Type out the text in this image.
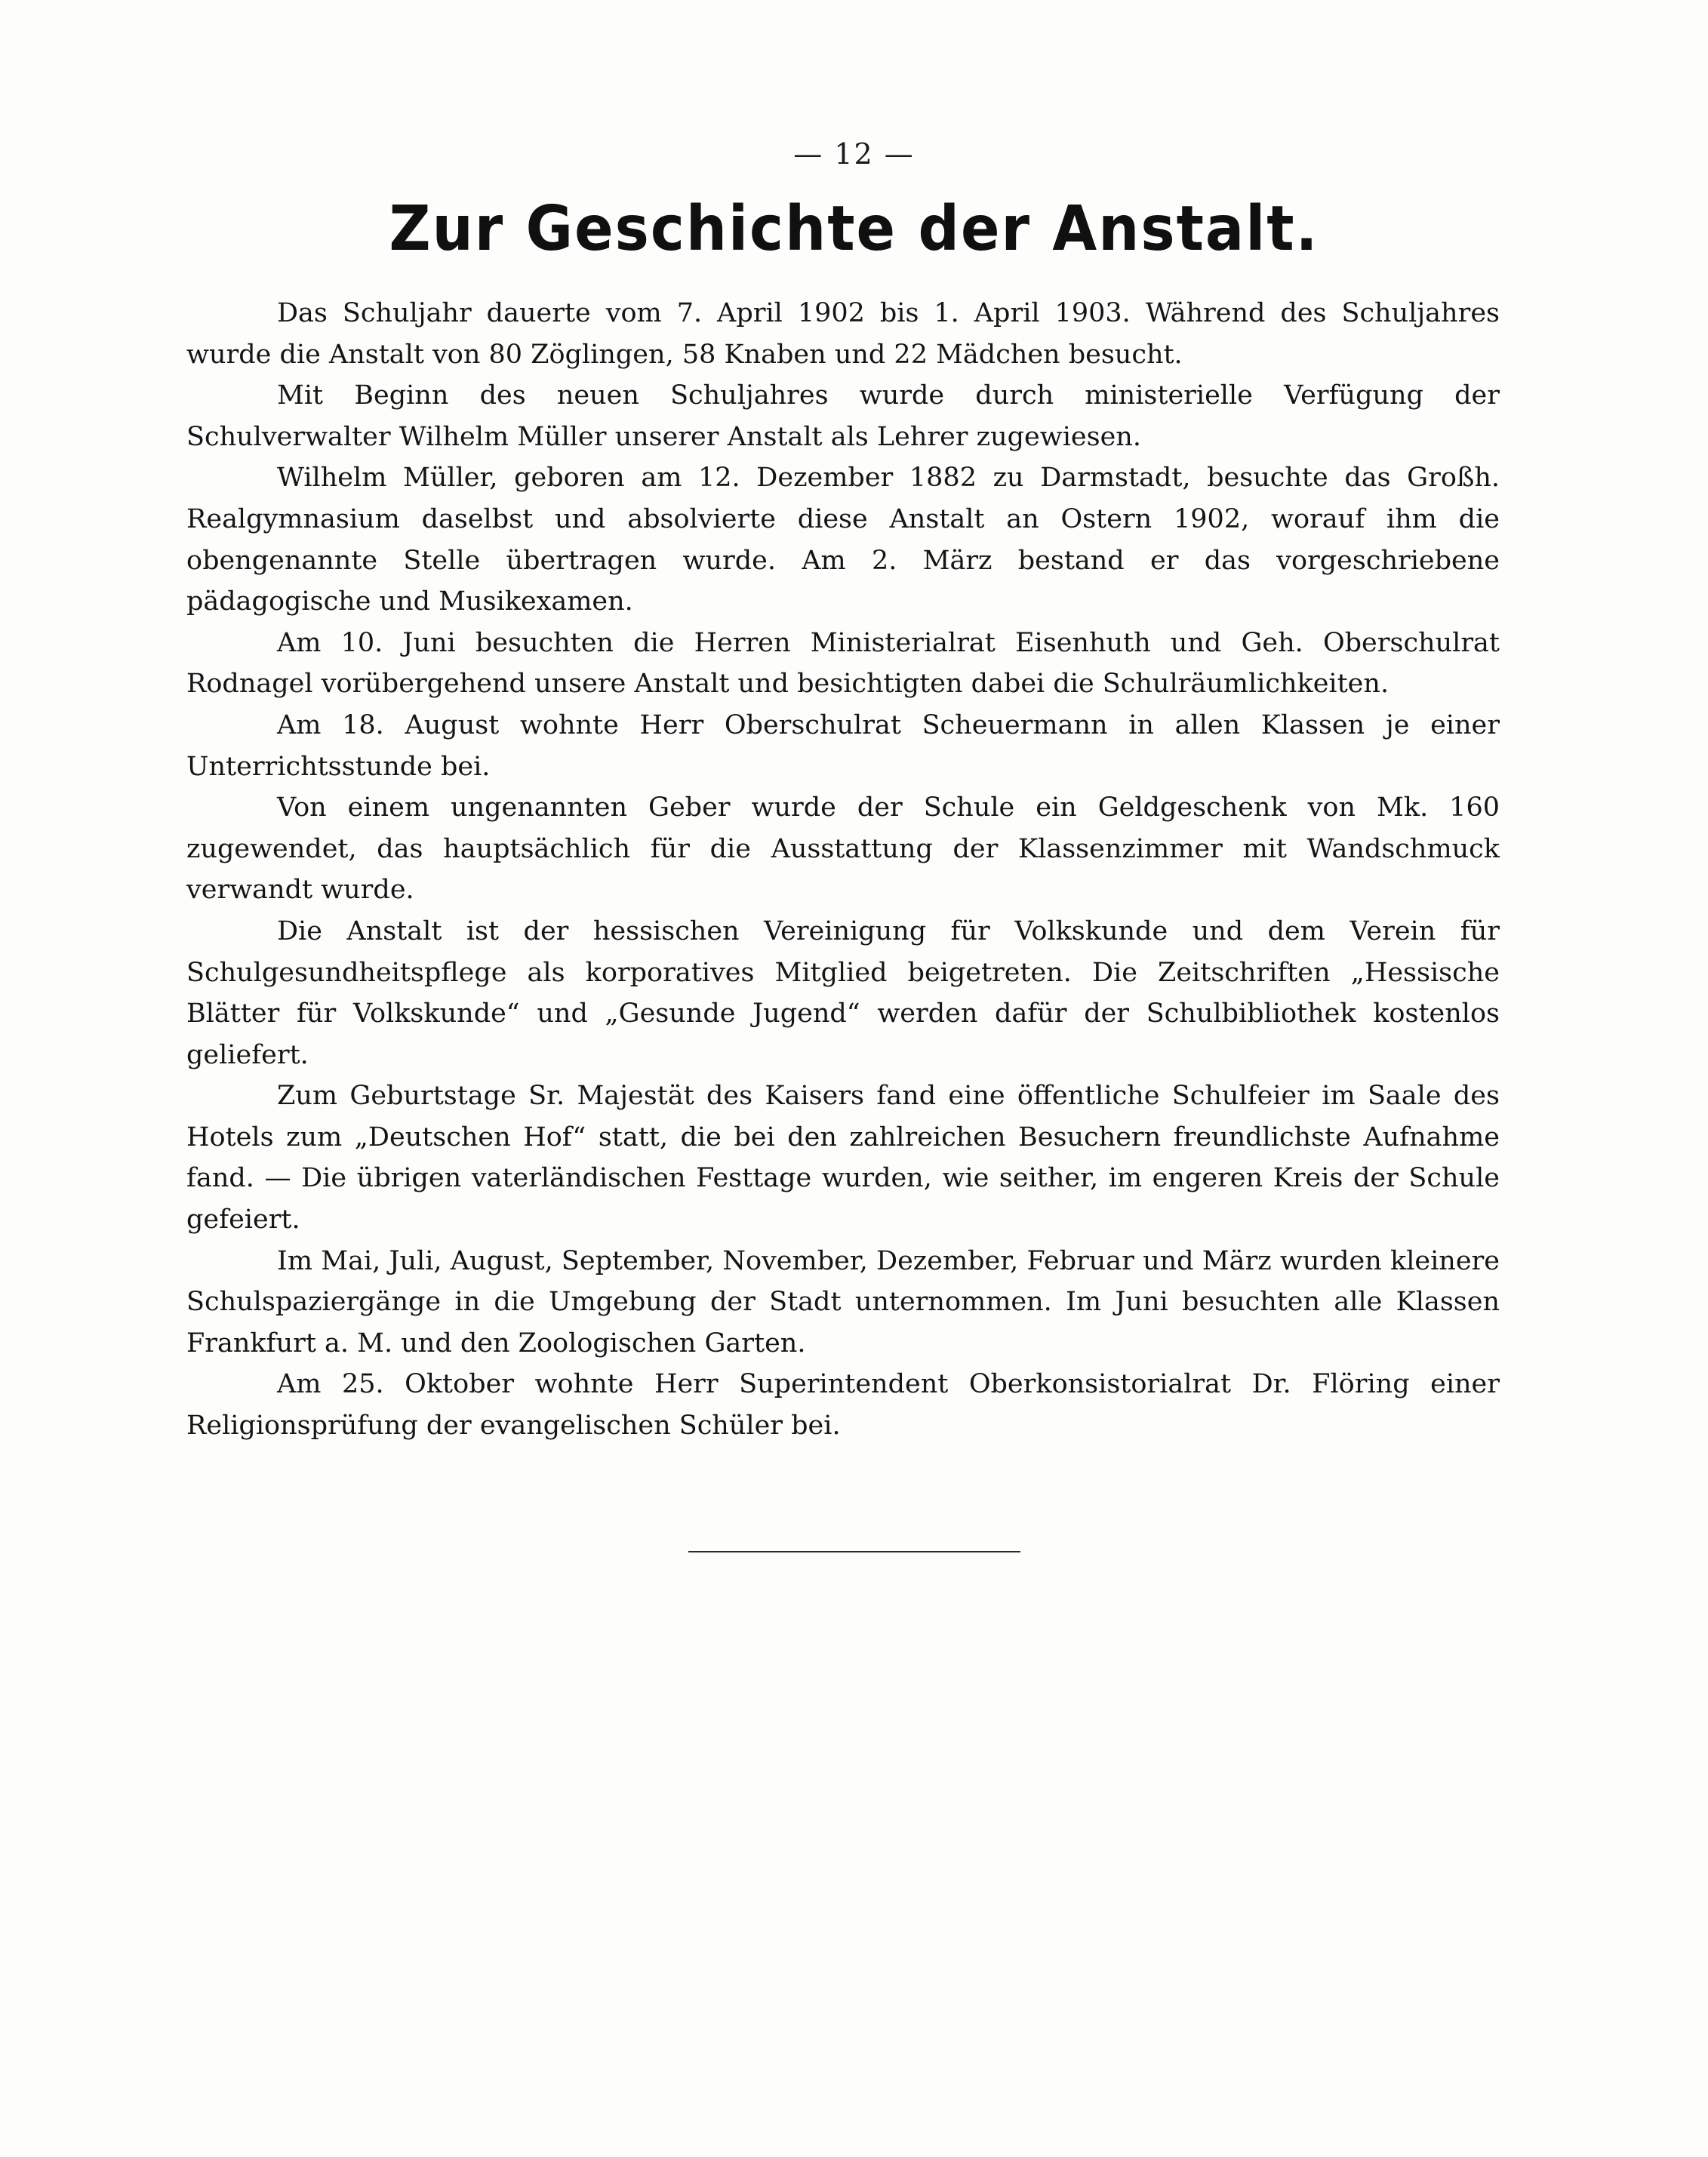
— 12 —
Zur Geschichte der Anstalt.

Das Schuljahr dauerte vom 7. April 1902 bis 1. April 1903. Während des Schuljahres wurde die Anstalt von 80 Zöglingen, 58 Knaben und 22 Mädchen besucht.

Mit Beginn des neuen Schuljahres wurde durch ministerielle Verfügung der Schulverwalter Wilhelm Müller unserer Anstalt als Lehrer zugewiesen.

Wilhelm Müller, geboren am 12. Dezember 1882 zu Darmstadt, besuchte das Großh. Realgymnasium daselbst und absolvierte diese Anstalt an Ostern 1902, worauf ihm die obengenannte Stelle übertragen wurde. Am 2. März bestand er das vorgeschriebene pädagogische und Musikexamen.

Am 10. Juni besuchten die Herren Ministerialrat Eisenhuth und Geh. Oberschulrat Rodnagel vorübergehend unsere Anstalt und besichtigten dabei die Schulräumlichkeiten.

Am 18. August wohnte Herr Oberschulrat Scheuermann in allen Klassen je einer Unterrichtsstunde bei.

Von einem ungenannten Geber wurde der Schule ein Geldgeschenk von Mk. 160 zugewendet, das hauptsächlich für die Ausstattung der Klassenzimmer mit Wandschmuck verwandt wurde.

Die Anstalt ist der hessischen Vereinigung für Volkskunde und dem Verein für Schulgesundheitspflege als korporatives Mitglied beigetreten. Die Zeitschriften „Hessische Blätter für Volkskunde“ und „Gesunde Jugend“ werden dafür der Schulbibliothek kostenlos geliefert.

Zum Geburtstage Sr. Majestät des Kaisers fand eine öffentliche Schulfeier im Saale des Hotels zum „Deutschen Hof“ statt, die bei den zahlreichen Besuchern freundlichste Aufnahme fand. — Die übrigen vaterländischen Festtage wurden, wie seither, im engeren Kreis der Schule gefeiert.

Im Mai, Juli, August, September, November, Dezember, Februar und März wurden kleinere Schulspaziergänge in die Umgebung der Stadt unternommen. Im Juni besuchten alle Klassen Frankfurt a. M. und den Zoologischen Garten.

Am 25. Oktober wohnte Herr Superintendent Oberkonsistorialrat Dr. Flöring einer Religionsprüfung der evangelischen Schüler bei.
